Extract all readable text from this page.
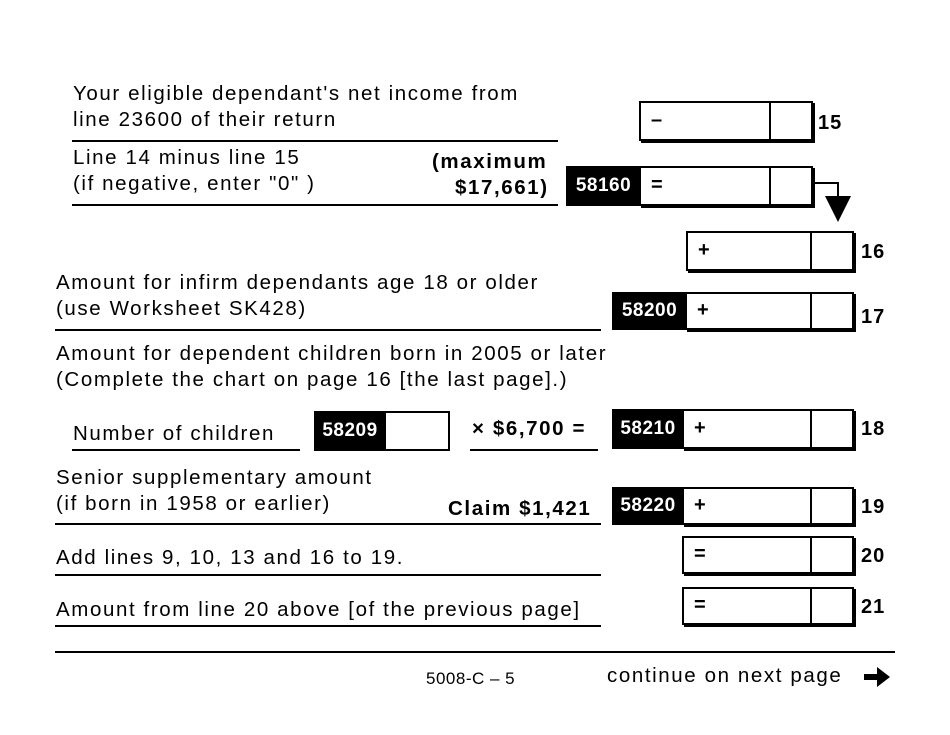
Your eligible dependant's net income from
line 23600 of their return	–	15
Line 14 minus line 15
(if negative, enter "0" )
(maximum
$17,661)	58160 =
+	16
Amount for infirm dependants age 18 or older
(use Worksheet SK428)	58200 +	17
Amount for dependent children born in 2005 or later
(Complete the chart on page 16 [the last page].)
Number of children	58209	× $6,700 =	58210 +	18
Senior supplementary amount
(if born in 1958 or earlier)	Claim $1,421	58220 +	19
Add lines 9, 10, 13 and 16 to 19.	=	20
Amount from line 20 above [of the previous page]	=	21
5008-C – 5	continue on next page
